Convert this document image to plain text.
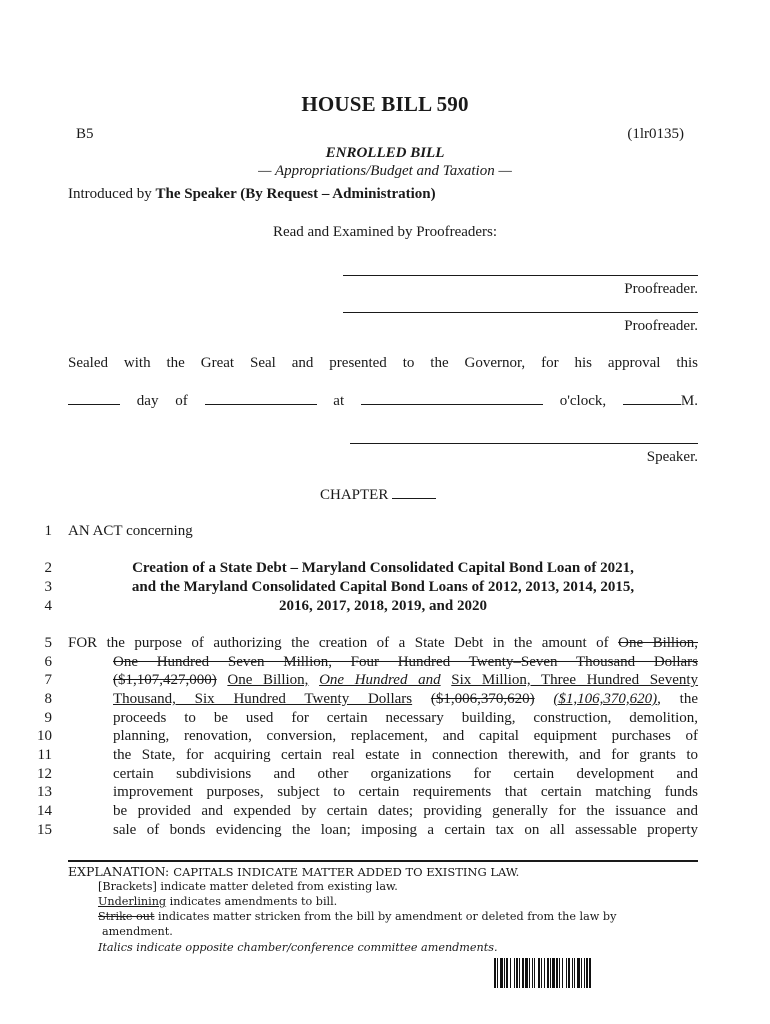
HOUSE BILL 590
B5	(1lr0135)
ENROLLED BILL
— Appropriations/Budget and Taxation —
Introduced by The Speaker (By Request – Administration)
Read and Examined by Proofreaders:
Proofreader.
Proofreader.
Sealed with the Great Seal and presented to the Governor, for his approval this
day of	at	o'clock,	M.
Speaker.
CHAPTER
1
2
3
4
5
6
7
8
9
10
11
12
13
14
15
AN ACT concerning
Creation of a State Debt – Maryland Consolidated Capital Bond Loan of 2021,
and the Maryland Consolidated Capital Bond Loans of 2012, 2013, 2014, 2015,
2016, 2017, 2018, 2019, and 2020
FOR the purpose of authorizing the creation of a State Debt in the amount of One Billion,
One Hundred Seven Million, Four Hundred Twenty–Seven Thousand Dollars
($1,107,427,000) One Billion, One Hundred and Six Million, Three Hundred Seventy
Thousand, Six Hundred Twenty Dollars ($1,006,370,620) ($1,106,370,620), the
proceeds to be used for certain necessary building, construction, demolition,
planning, renovation, conversion, replacement, and capital equipment purchases of
the State, for acquiring certain real estate in connection therewith, and for grants to
certain subdivisions and other organizations for certain development and
improvement purposes, subject to certain requirements that certain matching funds
be provided and expended by certain dates; providing generally for the issuance and
sale of bonds evidencing the loan; imposing a certain tax on all assessable property
EXPLANATION: CAPITALS INDICATE MATTER ADDED TO EXISTING LAW.
[Brackets] indicate matter deleted from existing law.
Underlining indicates amendments to bill.
Strike out indicates matter stricken from the bill by amendment or deleted from the law by
amendment.
Italics indicate opposite chamber/conference committee amendments.
